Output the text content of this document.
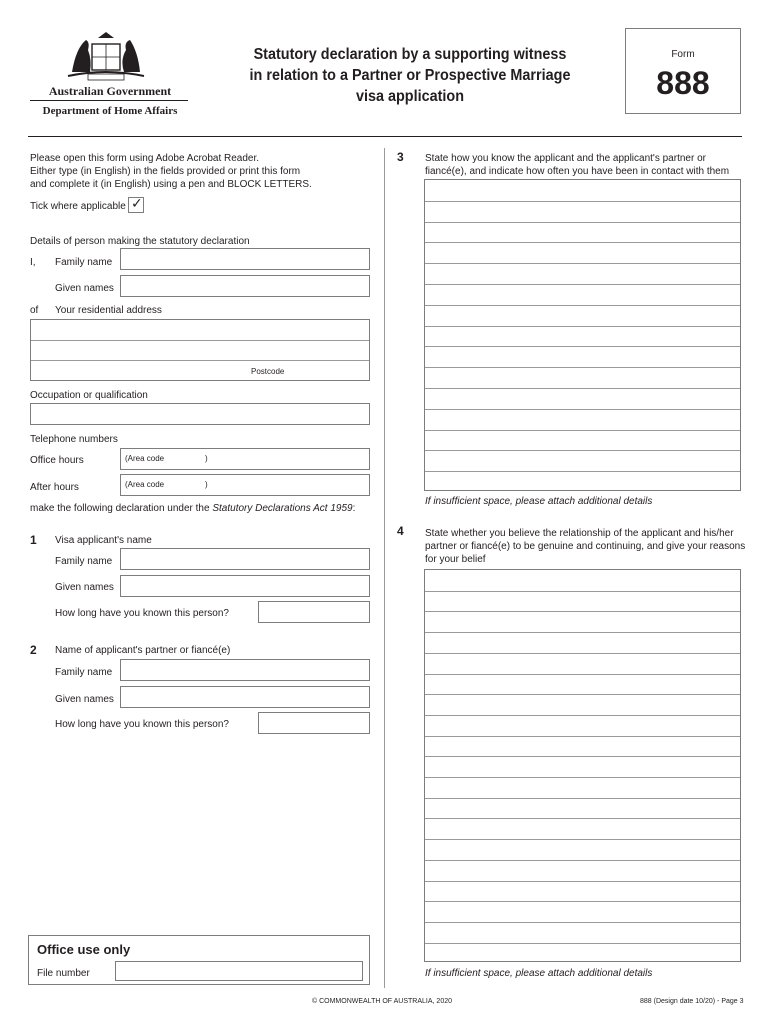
Australian Government
Department of Home Affairs
Statutory declaration by a supporting witness
in relation to a Partner or Prospective Marriage
visa application
Form
888
Please open this form using Adobe Acrobat Reader.
Either type (in English) in the fields provided or print this form
and complete it (in English) using a pen and BLOCK LETTERS.
Tick where applicable ✓
Details of person making the statutory declaration
I, Family name
Given names
of Your residential address
Postcode
Occupation or qualification
Telephone numbers
Office hours	(Area code	)
After hours	(Area code	)
make the following declaration under the Statutory Declarations Act 1959:
1 Visa applicant's name
Family name
Given names
How long have you known this person?
2 Name of applicant's partner or fiancé(e)
Family name
Given names
How long have you known this person?
Office use only
File number
3 State how you know the applicant and the applicant's partner or
fiancé(e), and indicate how often you have been in contact with them
If insufficient space, please attach additional details
4 State whether you believe the relationship of the applicant and his/her
partner or fiancé(e) to be genuine and continuing, and give your reasons
for your belief
If insufficient space, please attach additional details
© COMMONWEALTH OF AUSTRALIA, 2020	888 (Design date 10/20) - Page 3
